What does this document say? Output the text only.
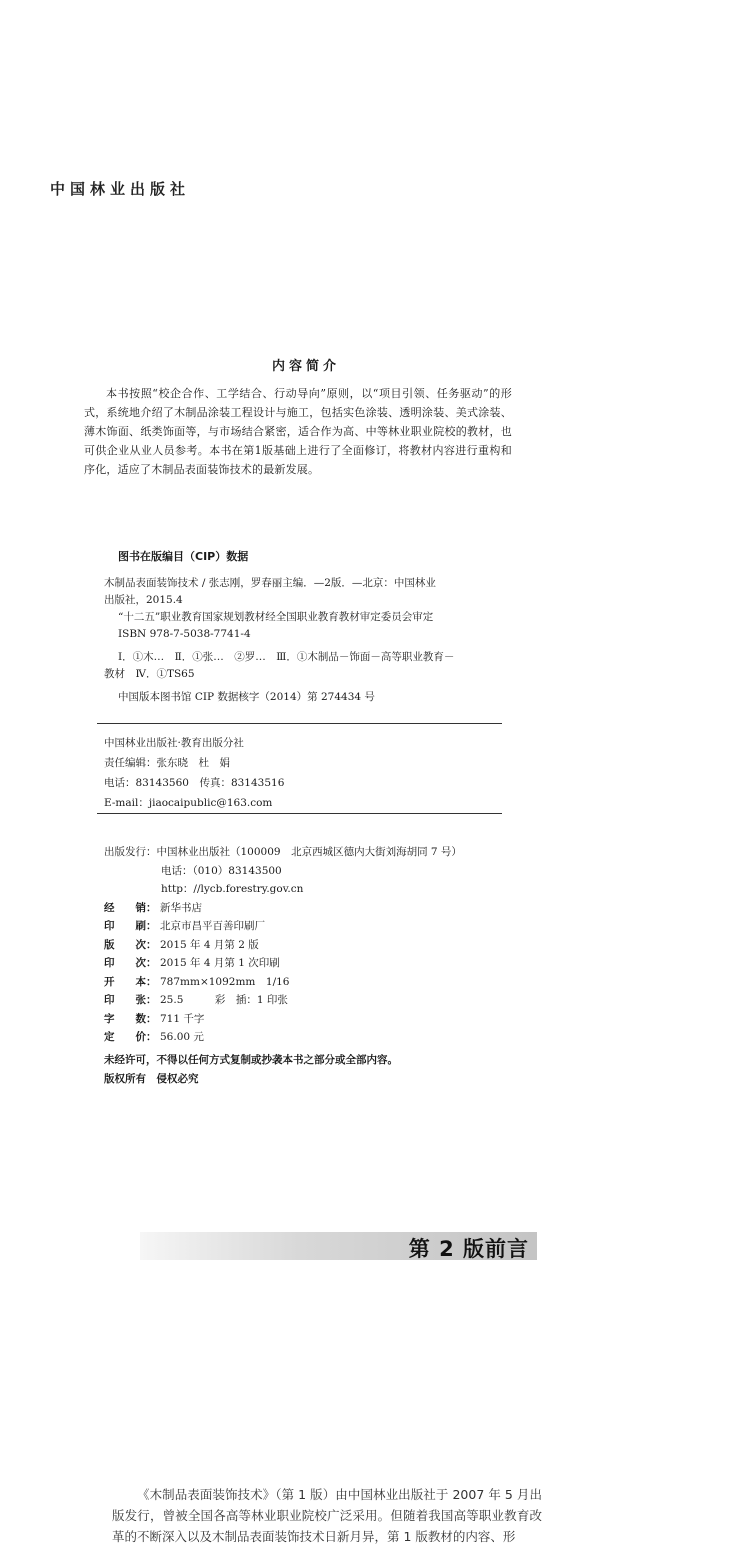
中国林业出版社
内容简介
本书按照“校企合作、工学结合、行动导向”原则，以“项目引领、任务驱动”的形式，系统地介绍了木制品涂装工程设计与施工，包括实色涂装、透明涂装、美式涂装、薄木饰面、纸类饰面等，与市场结合紧密，适合作为高、中等林业职业院校的教材，也可供企业从业人员参考。本书在第1版基础上进行了全面修订，将教材内容进行重构和序化，适应了木制品表面装饰技术的最新发展。
图书在版编目（CIP）数据
木制品表面装饰技术 / 张志刚，罗春丽主编．—2版．—北京：中国林业
出版社，2015.4
“十二五”职业教育国家规划教材经全国职业教育教材审定委员会审定
ISBN 978-7-5038-7741-4
Ⅰ．①木…　Ⅱ．①张…　②罗…　Ⅲ．①木制品－饰面－高等职业教育－
教材　Ⅳ．①TS65
中国版本图书馆 CIP 数据核字（2014）第 274434 号
中国林业出版社·教育出版分社
责任编辑：张东晓　杜　娟
电话：83143560　传真：83143516
E-mail：jiaocaipublic@163.com
出版发行：中国林业出版社（100009　北京西城区德内大街刘海胡同 7 号）
电话：（010）83143500
http：//lycb.forestry.gov.cn
经　　销： 新华书店
印　　刷： 北京市昌平百善印刷厂
版　　次： 2015 年 4 月第 2 版
印　　次： 2015 年 4 月第 1 次印刷
开　　本： 787mm×1092mm　1/16
印　　张： 25.5　　　彩　插：1 印张
字　　数： 711 千字
定　　价： 56.00 元
未经许可，不得以任何方式复制或抄袭本书之部分或全部内容。
版权所有　侵权必究
第 2 版前言
《木制品表面装饰技术》（第 1 版）由中国林业出版社于 2007 年 5 月出版发行，曾被全国各高等林业职业院校广泛采用。但随着我国高等职业教育改革的不断深入以及木制品表面装饰技术日新月异，第 1 版教材的内容、形
